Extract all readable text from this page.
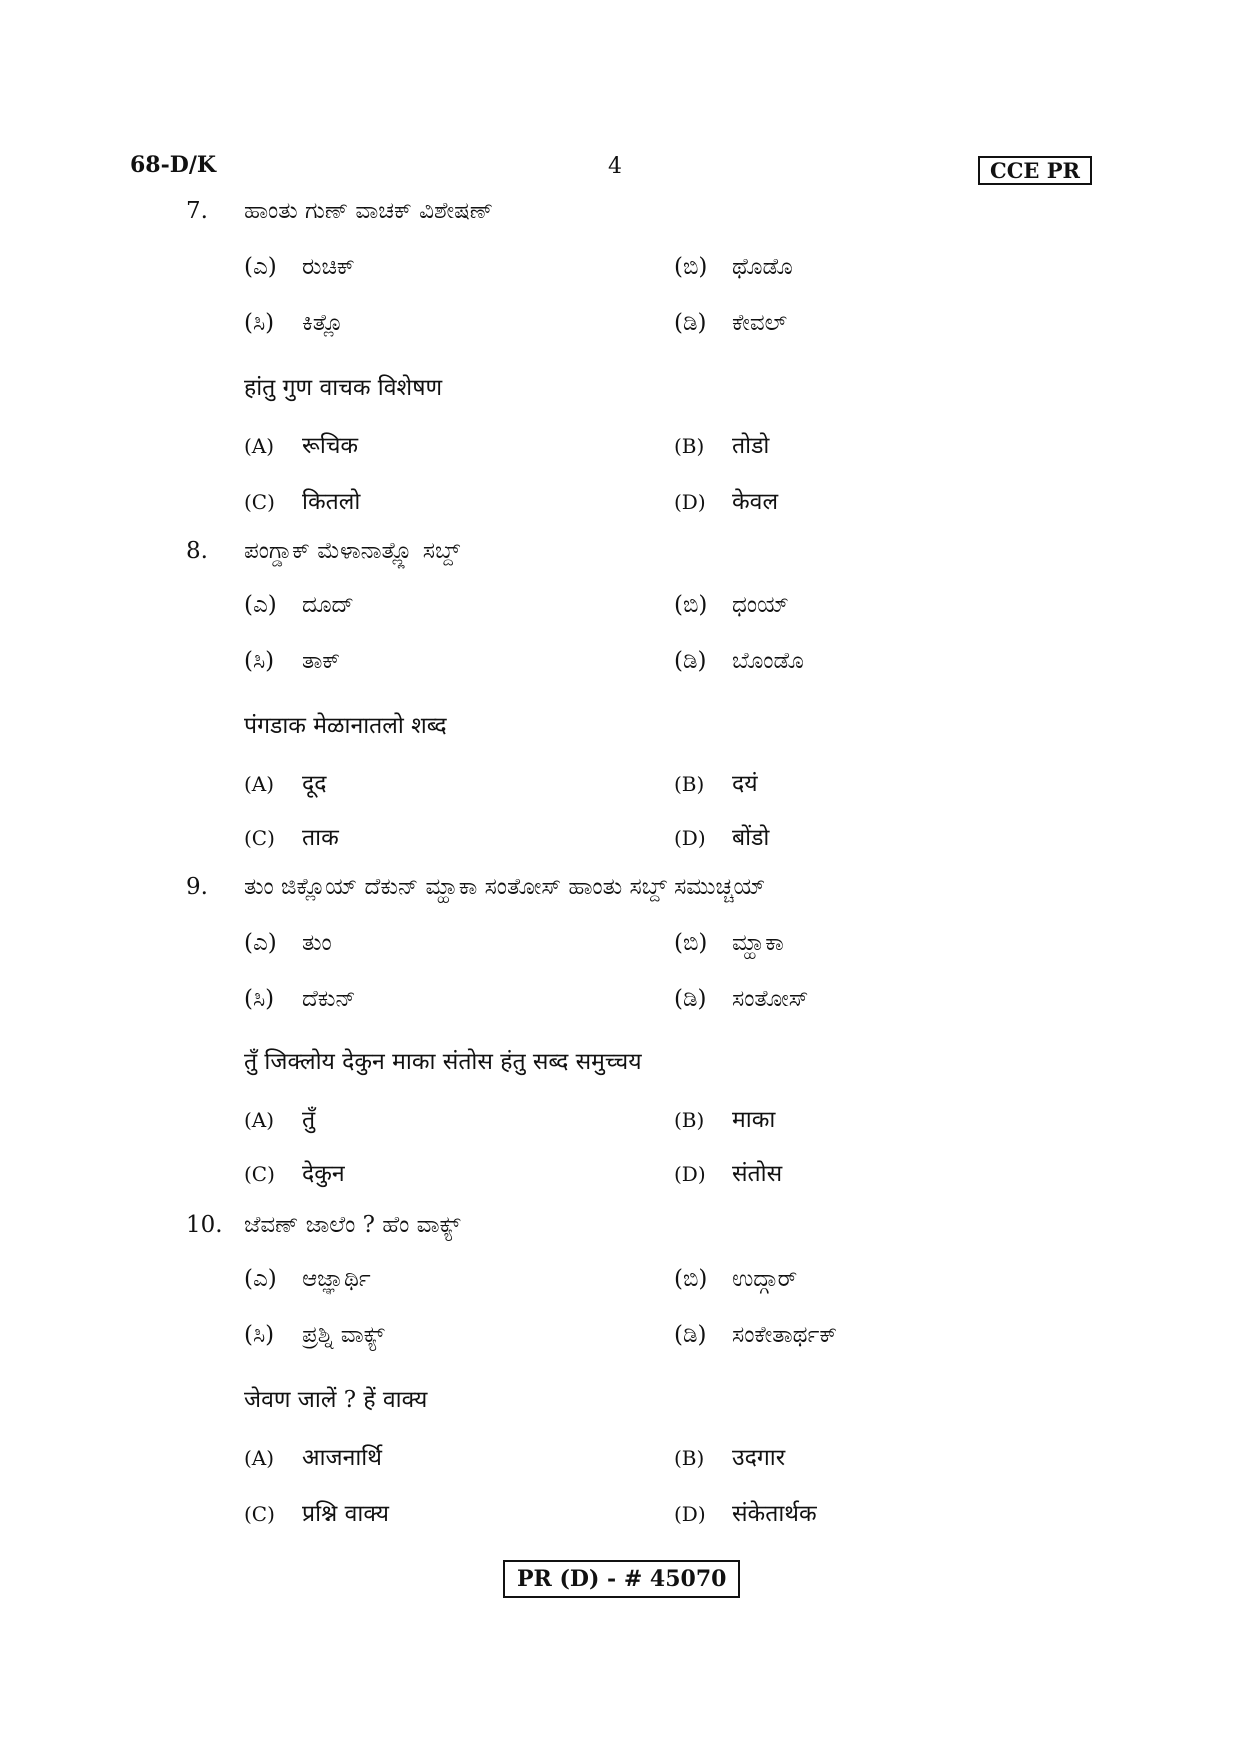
68-D/K	4	CCE PR
7. ಹಾಂತು ಗುಣ್ ವಾಚಕ್ ವಿಶೇಷಣ್
(ಎ) ರುಚಿಕ್	(ಬಿ) ಥೊಡೊ
(ಸಿ) ಕಿತ್ಲೊ	(ಡಿ) ಕೇವಲ್
हांतु गुण वाचक विशेषण
(A) रूचिक	(B) तोडो
(C) कितलो	(D) केवल
8. ಪಂಗ್ಡಾಕ್ ಮೆಳಾನಾತ್ಲ್ಲೊ ಸಬ್ದ್
(ಎ) ದೂದ್	(ಬಿ) ಧಂಯ್
(ಸಿ) ತಾಕ್	(ಡಿ) ಬೊಂಡೊ
पंगडाक मेळानातलो शब्द
(A) दूद	(B) दयं
(C) ताक	(D) बोंडो
9. ತುಂ ಜಿಕ್ಲೊಯ್ ದೆಕುನ್ ಮ್ಹಾಕಾ ಸಂತೋಸ್ ಹಾಂತು ಸಬ್ದ್ ಸಮುಚ್ಚಯ್
(ಎ) ತುಂ	(ಬಿ) ಮ್ಹಾಕಾ
(ಸಿ) ದೆಕುನ್	(ಡಿ) ಸಂತೋಸ್
तुँ जिक्लोय देकुन माका संतोस हंतु सब्द समुच्चय
(A) तुँ	(B) माका
(C) देकुन	(D) संतोस
10. ಜೆವಣ್ ಜಾಲೆಂ ? ಹೆಂ ವಾಕ್ಯ್
(ಎ) ಆಜ್ಞಾರ್ಥಿ	(ಬಿ) ಉದ್ಗಾರ್
(ಸಿ) ಪ್ರಶ್ನಿ ವಾಕ್ಯ್	(ಡಿ) ಸಂಕೇತಾರ್ಥಕ್
जेवण जालें ? हें वाक्य
(A) आजनार्थि	(B) उदगार
(C) प्रश्नि वाक्य	(D) संकेतार्थक
PR (D) - # 45070
